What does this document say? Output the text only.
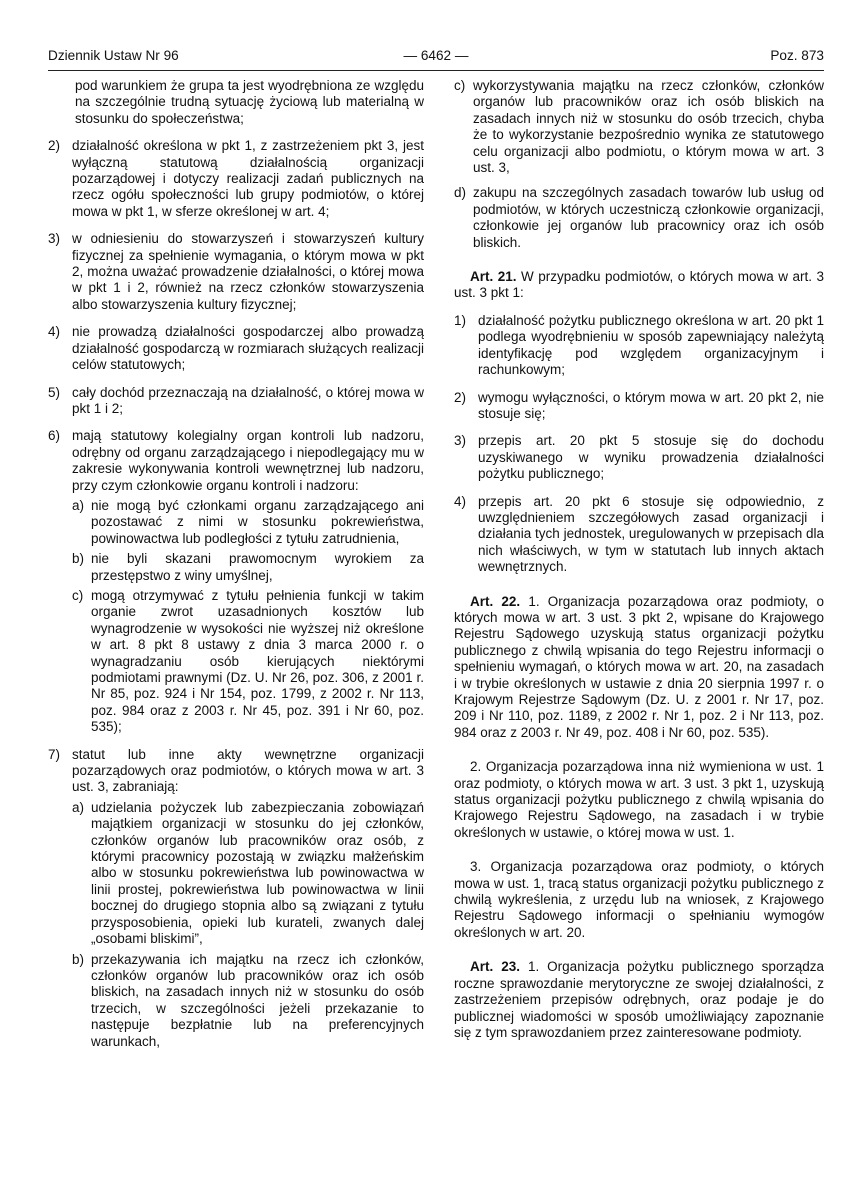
Dziennik Ustaw Nr 96	— 6462 —	Poz. 873

pod warunkiem że grupa ta jest wyodrębniona ze względu na szczególnie trudną sytuację życiową lub materialną w stosunku do społeczeństwa;

2) działalność określona w pkt 1, z zastrzeżeniem pkt 3, jest wyłączną statutową działalnością organizacji pozarządowej i dotyczy realizacji zadań publicznych na rzecz ogółu społeczności lub grupy podmiotów, o której mowa w pkt 1, w sferze określonej w art. 4;
3) w odniesieniu do stowarzyszeń i stowarzyszeń kultury fizycznej za spełnienie wymagania, o którym mowa w pkt 2, można uważać prowadzenie działalności, o której mowa w pkt 1 i 2, również na rzecz członków stowarzyszenia albo stowarzyszenia kultury fizycznej;
4) nie prowadzą działalności gospodarczej albo prowadzą działalność gospodarczą w rozmiarach służących realizacji celów statutowych;
5) cały dochód przeznaczają na działalność, o której mowa w pkt 1 i 2;
6) mają statutowy kolegialny organ kontroli lub nadzoru, odrębny od organu zarządzającego i niepodlegający mu w zakresie wykonywania kontroli wewnętrznej lub nadzoru, przy czym członkowie organu kontroli i nadzoru:

a) nie mogą być członkami organu zarządzającego ani pozostawać z nimi w stosunku pokrewieństwa, powinowactwa lub podległości z tytułu zatrudnienia,
b) nie byli skazani prawomocnym wyrokiem za przestępstwo z winy umyślnej,
c) mogą otrzymywać z tytułu pełnienia funkcji w takim organie zwrot uzasadnionych kosztów lub wynagrodzenie w wysokości nie wyższej niż określone w art. 8 pkt 8 ustawy z dnia 3 marca 2000 r. o wynagradzaniu osób kierujących niektórymi podmiotami prawnymi (Dz. U. Nr 26, poz. 306, z 2001 r. Nr 85, poz. 924 i Nr 154, poz. 1799, z 2002 r. Nr 113, poz. 984 oraz z 2003 r. Nr 45, poz. 391 i Nr 60, poz. 535);
7) statut lub inne akty wewnętrzne organizacji pozarządowych oraz podmiotów, o których mowa w art. 3 ust. 3, zabraniają:

a) udzielania pożyczek lub zabezpieczania zobowiązań majątkiem organizacji w stosunku do jej członków, członków organów lub pracowników oraz osób, z którymi pracownicy pozostają w związku małżeńskim albo w stosunku pokrewieństwa lub powinowactwa w linii prostej, pokrewieństwa lub powinowactwa w linii bocznej do drugiego stopnia albo są związani z tytułu przysposobienia, opieki lub kurateli, zwanych dalej „osobami bliskimi”,
b) przekazywania ich majątku na rzecz ich członków, członków organów lub pracowników oraz ich osób bliskich, na zasadach innych niż w stosunku do osób trzecich, w szczególności jeżeli przekazanie to następuje bezpłatnie lub na preferencyjnych warunkach,
c) wykorzystywania majątku na rzecz członków, członków organów lub pracowników oraz ich osób bliskich na zasadach innych niż w stosunku do osób trzecich, chyba że to wykorzystanie bezpośrednio wynika ze statutowego celu organizacji albo podmiotu, o którym mowa w art. 3 ust. 3,
d) zakupu na szczególnych zasadach towarów lub usług od podmiotów, w których uczestniczą członkowie organizacji, członkowie jej organów lub pracownicy oraz ich osób bliskich.

Art. 21. W przypadku podmiotów, o których mowa w art. 3 ust. 3 pkt 1:

1) działalność pożytku publicznego określona w art. 20 pkt 1 podlega wyodrębnieniu w sposób zapewniający należytą identyfikację pod względem organizacyjnym i rachunkowym;
2) wymogu wyłączności, o którym mowa w art. 20 pkt 2, nie stosuje się;
3) przepis art. 20 pkt 5 stosuje się do dochodu uzyskiwanego w wyniku prowadzenia działalności pożytku publicznego;
4) przepis art. 20 pkt 6 stosuje się odpowiednio, z uwzględnieniem szczegółowych zasad organizacji i działania tych jednostek, uregulowanych w przepisach dla nich właściwych, w tym w statutach lub innych aktach wewnętrznych.

Art. 22. 1. Organizacja pozarządowa oraz podmioty, o których mowa w art. 3 ust. 3 pkt 2, wpisane do Krajowego Rejestru Sądowego uzyskują status organizacji pożytku publicznego z chwilą wpisania do tego Rejestru informacji o spełnieniu wymagań, o których mowa w art. 20, na zasadach i w trybie określonych w ustawie z dnia 20 sierpnia 1997 r. o Krajowym Rejestrze Sądowym (Dz. U. z 2001 r. Nr 17, poz. 209 i Nr 110, poz. 1189, z 2002 r. Nr 1, poz. 2 i Nr 113, poz. 984 oraz z 2003 r. Nr 49, poz. 408 i Nr 60, poz. 535).

2. Organizacja pozarządowa inna niż wymieniona w ust. 1 oraz podmioty, o których mowa w art. 3 ust. 3 pkt 1, uzyskują status organizacji pożytku publicznego z chwilą wpisania do Krajowego Rejestru Sądowego, na zasadach i w trybie określonych w ustawie, o której mowa w ust. 1.

3. Organizacja pozarządowa oraz podmioty, o których mowa w ust. 1, tracą status organizacji pożytku publicznego z chwilą wykreślenia, z urzędu lub na wniosek, z Krajowego Rejestru Sądowego informacji o spełnianiu wymogów określonych w art. 20.

Art. 23. 1. Organizacja pożytku publicznego sporządza roczne sprawozdanie merytoryczne ze swojej działalności, z zastrzeżeniem przepisów odrębnych, oraz podaje je do publicznej wiadomości w sposób umożliwiający zapoznanie się z tym sprawozdaniem przez zainteresowane podmioty.
